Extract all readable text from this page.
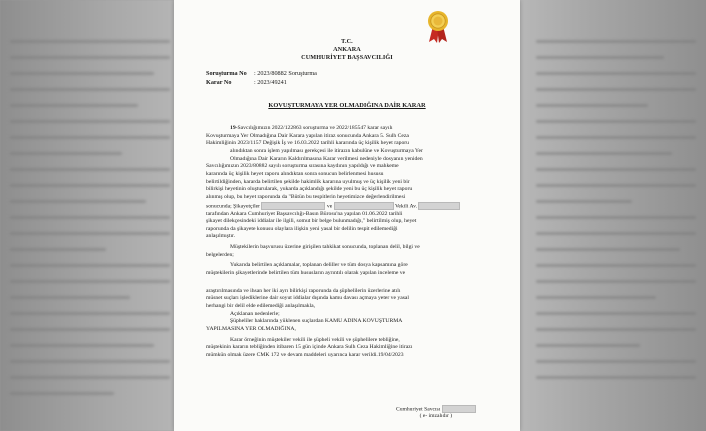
T.C.
ANKARA
CUMHURİYET BAŞSAVCILIĞI
Soruşturma No : 2023/80882 Soruşturma
Karar No	: 2023/49241
KOVUŞTURMAYA YER OLMADIĞINA DAİR KARAR

19-Savcılığımızın 2022/122863 soruşturma ve 2022/185547 karar sayılı

Kovuşturmaya Yer Olmadığına Dair Karara yapılan itiraz sonucunda Ankara 5. Sulh Ceza

Hakimliğinin 2023/1157 Değişik İş ve 16.03.2022 tarihli kararında üç kişilik heyet raporu

alındıktan sonra işlem yapılması gerekçesi ile itirazın kabulüne ve Kovuşturmaya Yer

Olmadığına Dair Kararın Kaldırılmasına Karar verilmesi nedeniyle dosyanın yeniden

Savcılığımızın 2023/80882 sayılı soruşturma sırasına kaydının yapıldığı ve mahkeme

kararında üç kişilik heyet raporu alındıktan sonra sonucun belirlenmesi hususu

belirtildiğinden, kararda belirtilen şekilde hakimlik kararına uyulmuş ve üç kişilik yeni bir

bilirkişi heyetinin oluşturularak, yukarda açıklandığı şekilde yeni bu üç kişilik heyet raporu

alınmış olup, bu heyet raporunda da "Bütün bu tespitlerin heyetimizce değerlendirilmesi

sonucunda; Şikayetçiler	ve	Vekili Av.

tarafından Ankara Cumhuriyet Başsavcılığı-Basın Bürosu'na yapılan 01.06.2022 tarihli

şikayet dilekçesindeki iddialar ile ilgili, somut bir belge bulunmadığı," belirtilmiş olup, heyet

raporunda da şikayete konusu olaylara ilişkin yeni yasal bir delilin tespit edilemediği

anlaşılmıştır.

Müştekilerin başvurusu üzerine girişilen tahkikat sonucunda, toplanan delil, bilgi ve

belgelerden;

Yukarıda belirtilen açıklamalar, toplanan deliller ve tüm dosya kapsamına göre

müştekilerin şikayetlerinde belirtilen tüm hususların ayrıntılı olarak yapılan inceleme ve

araştırılmasında ve ihsan her iki ayrı bilirkişi raporunda da şüphelilerin üzerlerine atılı

müsnet suçları işlediklerine dair soyut iddialar dışında kamu davası açmaya yeter ve yasal

herhangi bir delil elde edilemediği anlaşılmakla,

Açıklanan nedenlerle;

Şüpheliler haklarında yüklenen suçlardan KAMU ADINA KOVUŞTURMA

YAPILMASINA YER OLMADIĞINA,

Karar örneğinin müştekiler vekili ile şüpheli vekili ve şüphelilere tebliğine,

müştekinin kararın tebliğinden itibaren 15 gün içinde Ankara Sulh Ceza Hakimliğine itirazı

mümkün olmak üzere CMK 172 ve devam maddeleri uyarınca karar verildi.19/04/2023

Cumhuriyet Savcısı
( e- imzalıdır )
